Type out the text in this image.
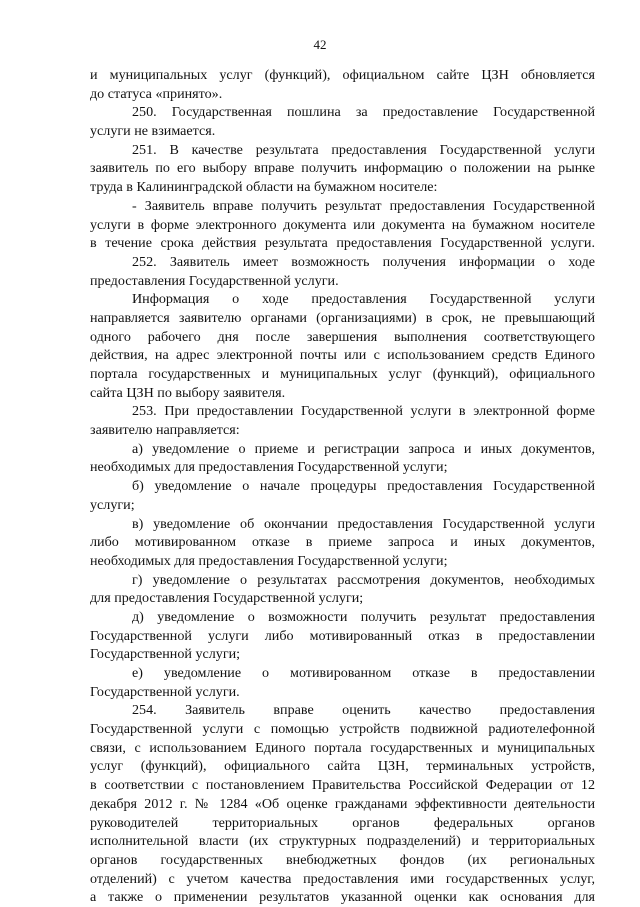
42
и муниципальных услуг (функций), официальном сайте ЦЗН обновляется
до статуса «принято».
250. Государственная пошлина за предоставление Государственной
услуги не взимается.
251. В качестве результата предоставления Государственной услуги
заявитель по его выбору вправе получить информацию о положении на рынке
труда в Калининградской области на бумажном носителе:
- Заявитель вправе получить результат предоставления Государственной
услуги в форме электронного документа или документа на бумажном носителе
в течение срока действия результата предоставления Государственной услуги.
252. Заявитель имеет возможность получения информации о ходе
предоставления Государственной услуги.
Информация о ходе предоставления Государственной услуги
направляется заявителю органами (организациями) в срок, не превышающий
одного рабочего дня после завершения выполнения соответствующего
действия, на адрес электронной почты или с использованием средств Единого
портала государственных и муниципальных услуг (функций), официального
сайта ЦЗН по выбору заявителя.
253. При предоставлении Государственной услуги в электронной форме
заявителю направляется:
а) уведомление о приеме и регистрации запроса и иных документов,
необходимых для предоставления Государственной услуги;
б) уведомление о начале процедуры предоставления Государственной
услуги;
в) уведомление об окончании предоставления Государственной услуги
либо мотивированном отказе в приеме запроса и иных документов,
необходимых для предоставления Государственной услуги;
г) уведомление о результатах рассмотрения документов, необходимых
для предоставления Государственной услуги;
д) уведомление о возможности получить результат предоставления
Государственной услуги либо мотивированный отказ в предоставлении
Государственной услуги;
е) уведомление о мотивированном отказе в предоставлении
Государственной услуги.
254. Заявитель вправе оценить качество предоставления
Государственной услуги с помощью устройств подвижной радиотелефонной
связи, с использованием Единого портала государственных и муниципальных
услуг (функций), официального сайта ЦЗН, терминальных устройств,
в соответствии с постановлением Правительства Российской Федерации от 12
декабря 2012 г. № 1284 «Об оценке гражданами эффективности деятельности
руководителей территориальных органов федеральных органов
исполнительной власти (их структурных подразделений) и территориальных
органов государственных внебюджетных фондов (их региональных
отделений) с учетом качества предоставления ими государственных услуг,
а также о применении результатов указанной оценки как основания для
